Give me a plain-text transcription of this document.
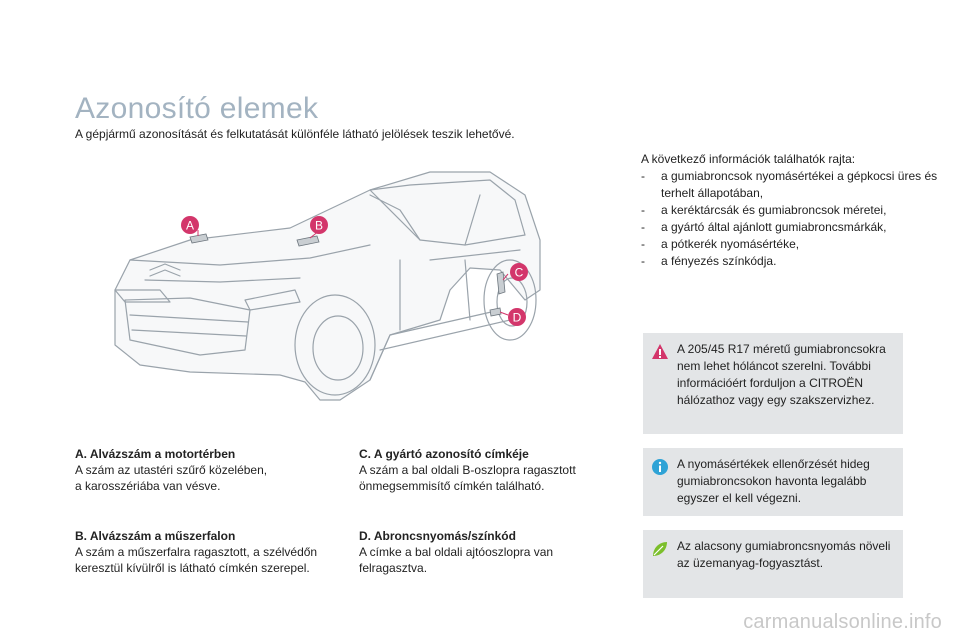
Azonosító elemek

A gépjármű azonosítását és felkutatását különféle látható jelölések teszik lehetővé.

A	B
C
D

A következő információk találhatók rajta:

- a gumiabroncsok nyomásértékei a gépkocsi üres és terhelt állapotában,
- a keréktárcsák és gumiabroncsok méretei,
- a gyártó által ajánlott gumiabroncsmárkák,
- a pótkerék nyomásértéke,
- a fényezés színkódja.
A. Alvázszám a motortérben
A szám az utastéri szűrő közelében,
a karosszériába van vésve.
B. Alvázszám a műszerfalon
A szám a műszerfalra ragasztott, a szélvédőn
keresztül kívülről is látható címkén szerepel.
C. A gyártó azonosító címkéje
A szám a bal oldali B-oszlopra ragasztott
önmegsemmisítő címkén található.
D. Abroncsnyomás/színkód
A címke a bal oldali ajtóoszlopra van
felragasztva.
A 205/45 R17 méretű gumiabroncsokra nem lehet hóláncot szerelni. További információért forduljon a CITROËN hálózathoz vagy egy szakszervizhez.
A nyomásértékek ellenőrzését hideg gumiabroncsokon havonta legalább egyszer el kell végezni.
Az alacsony gumiabroncsnyomás növeli az üzemanyag-fogyasztást.
carmanualsonline.info
